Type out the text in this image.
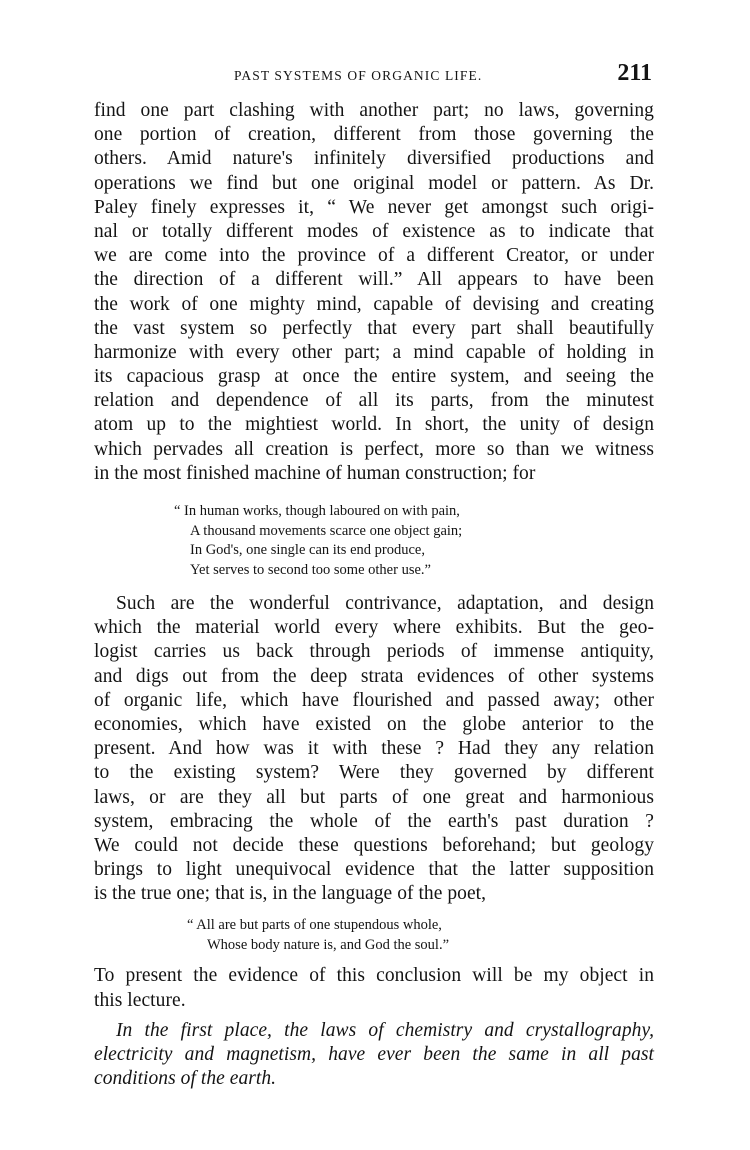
PAST SYSTEMS OF ORGANIC LIFE.	211
find one part clashing with another part; no laws, governing
one portion of creation, different from those governing the
others. Amid nature's infinitely diversified productions and
operations we find but one original model or pattern. As Dr.
Paley finely expresses it, “ We never get amongst such origi-
nal or totally different modes of existence as to indicate that
we are come into the province of a different Creator, or under
the direction of a different will.” All appears to have been
the work of one mighty mind, capable of devising and creating
the vast system so perfectly that every part shall beautifully
harmonize with every other part; a mind capable of holding in
its capacious grasp at once the entire system, and seeing the
relation and dependence of all its parts, from the minutest
atom up to the mightiest world. In short, the unity of design
which pervades all creation is perfect, more so than we witness
in the most finished machine of human construction; for
“ In human works, though laboured on with pain,
A thousand movements scarce one object gain;
In God's, one single can its end produce,
Yet serves to second too some other use.”
Such are the wonderful contrivance, adaptation, and design
which the material world every where exhibits. But the geo-
logist carries us back through periods of immense antiquity,
and digs out from the deep strata evidences of other systems
of organic life, which have flourished and passed away; other
economies, which have existed on the globe anterior to the
present. And how was it with these ? Had they any relation
to the existing system? Were they governed by different
laws, or are they all but parts of one great and harmonious
system, embracing the whole of the earth's past duration ?
We could not decide these questions beforehand; but geology
brings to light unequivocal evidence that the latter supposition
is the true one; that is, in the language of the poet,
“ All are but parts of one stupendous whole,
Whose body nature is, and God the soul.”
To present the evidence of this conclusion will be my object in
this lecture.
In the first place, the laws of chemistry and crystallography,
electricity and magnetism, have ever been the same in all past
conditions of the earth.
